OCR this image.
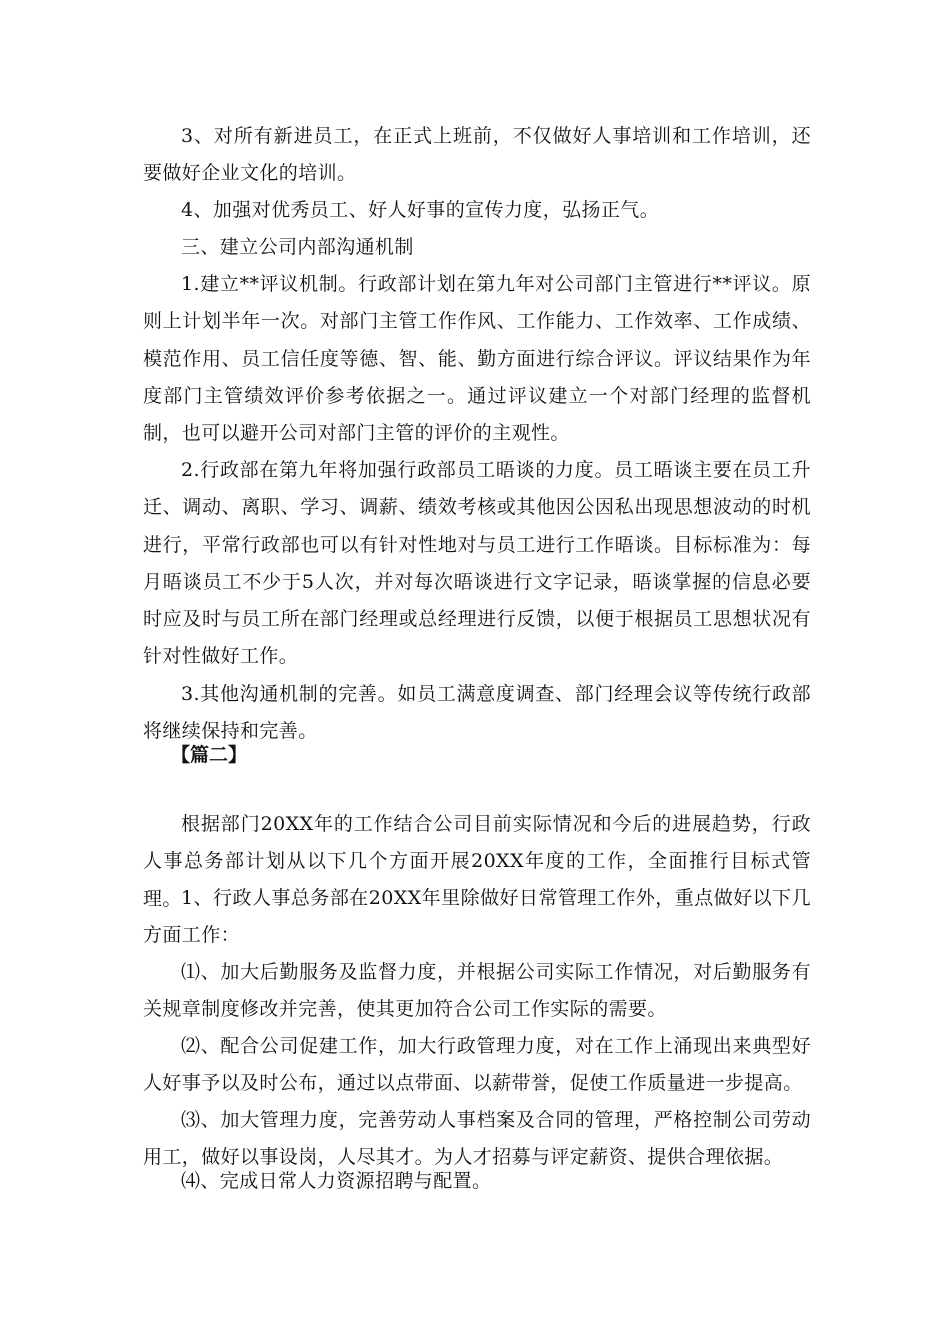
3、对所有新进员工，在正式上班前，不仅做好人事培训和工作培训，还要做好企业文化的培训。

4、加强对优秀员工、好人好事的宣传力度，弘扬正气。

三、建立公司内部沟通机制

1.建立**评议机制。行政部计划在第九年对公司部门主管进行**评议。原则上计划半年一次。对部门主管工作作风、工作能力、工作效率、工作成绩、模范作用、员工信任度等德、智、能、勤方面进行综合评议。评议结果作为年度部门主管绩效评价参考依据之一。通过评议建立一个对部门经理的监督机制，也可以避开公司对部门主管的评价的主观性。

2.行政部在第九年将加强行政部员工晤谈的力度。员工晤谈主要在员工升迁、调动、离职、学习、调薪、绩效考核或其他因公因私出现思想波动的时机进行，平常行政部也可以有针对性地对与员工进行工作晤谈。目标标准为：每月晤谈员工不少于5人次，并对每次晤谈进行文字记录，晤谈掌握的信息必要时应及时与员工所在部门经理或总经理进行反馈，以便于根据员工思想状况有针对性做好工作。

3.其他沟通机制的完善。如员工满意度调查、部门经理会议等传统行政部将继续保持和完善。

【篇二】

根据部门20XX年的工作结合公司目前实际情况和今后的进展趋势，行政人事总务部计划从以下几个方面开展20XX年度的工作，全面推行目标式管理。 1、行政人事总务部在20XX年里除做好日常管理工作外，重点做好以下几方面工作：

⑴、加大后勤服务及监督力度，并根据公司实际工作情况，对后勤服务有关规章制度修改并完善，使其更加符合公司工作实际的需要。

⑵、配合公司促建工作，加大行政管理力度，对在工作上涌现出来典型好人好事予以及时公布，通过以点带面、以薪带誉，促使工作质量进一步提高。

⑶、加大管理力度，完善劳动人事档案及合同的管理，严格控制公司劳动用工，做好以事设岗，人尽其才。为人才招募与评定薪资、提供合理依据。

⑷、完成日常人力资源招聘与配置。
